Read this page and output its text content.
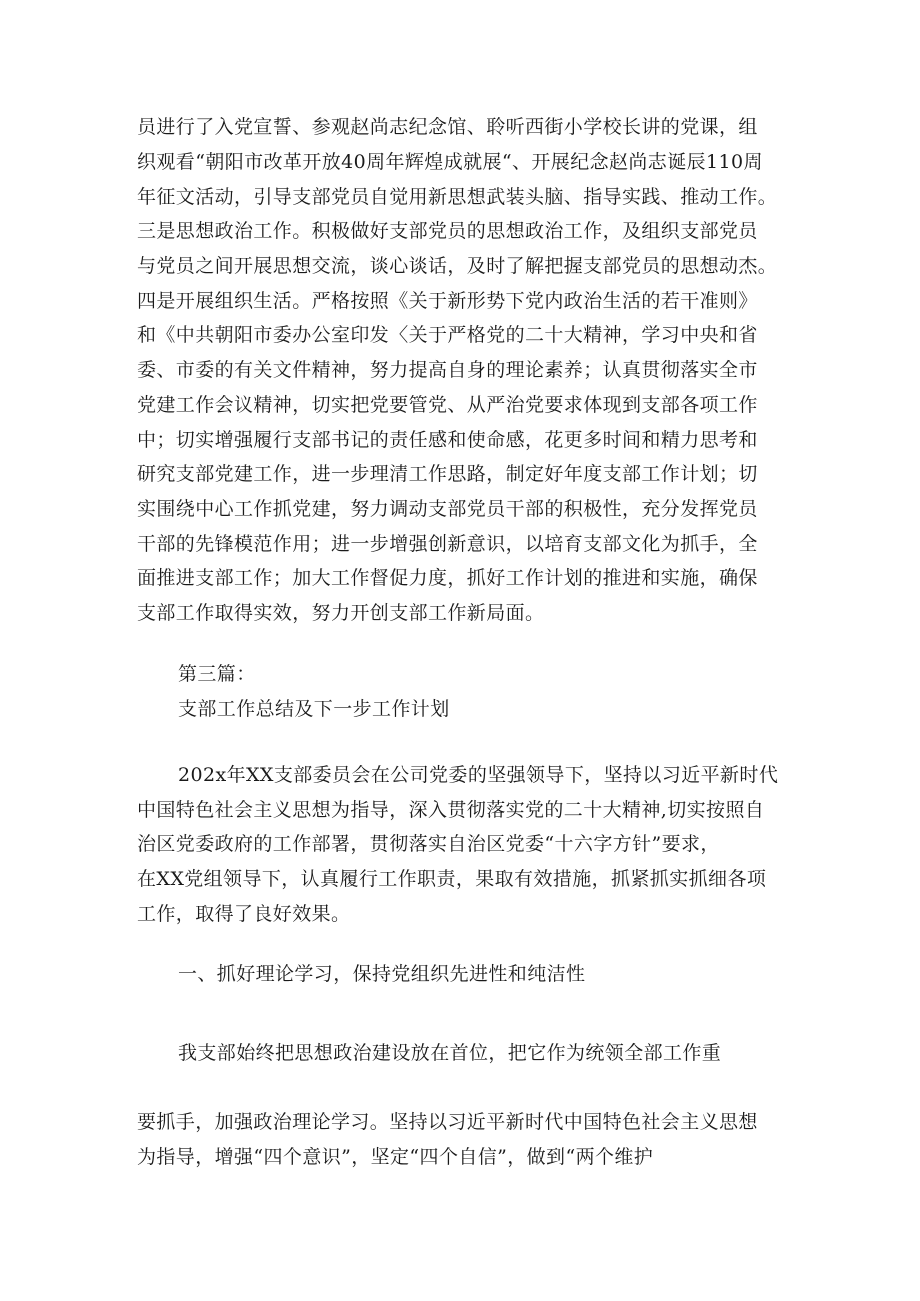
员进行了入党宣誓、参观赵尚志纪念馆、聆听西街小学校长讲的党课，组
织观看“朝阳市改革开放40周年辉煌成就展“、开展纪念赵尚志诞辰110周
年征文活动，引导支部党员自觉用新思想武装头脑、指导实践、推动工作。
三是思想政治工作。积极做好支部党员的思想政治工作，及组织支部党员
与党员之间开展思想交流，谈心谈话，及时了解把握支部党员的思想动杰。
四是开展组织生活。严格按照《关于新形势下党内政治生活的若干准则》
和《中共朝阳市委办公室印发〈关于严格党的二十大精神，学习中央和省
委、市委的有关文件精神，努力提高自身的理论素养；认真贯彻落实全市
党建工作会议精神，切实把党要管党、从严治党要求体现到支部各项工作
中；切实增强履行支部书记的责任感和使命感，花更多时间和精力思考和
研究支部党建工作，进一步理清工作思路，制定好年度支部工作计划；切
实围绕中心工作抓党建，努力调动支部党员干部的积极性，充分发挥党员
干部的先锋模范作用；进一步增强创新意识，以培育支部文化为抓手，全
面推进支部工作；加大工作督促力度，抓好工作计划的推进和实施，确保
支部工作取得实效，努力开创支部工作新局面。
第三篇：
支部工作总结及下一步工作计划
202x年XX支部委员会在公司党委的坚强领导下，坚持以习近平新时代
中国特色社会主义思想为指导，深入贯彻落实党的二十大精神,切实按照自
治区党委政府的工作部署，贯彻落实自治区党委“十六字方针”要求，
在XX党组领导下，认真履行工作职责，果取有效措施，抓紧抓实抓细各项
工作，取得了良好效果。
一、抓好理论学习，保持党组织先进性和纯洁性
我支部始终把思想政治建设放在首位，把它作为统领全部工作重
要抓手，加强政治理论学习。坚持以习近平新时代中国特色社会主义思想
为指导，增强“四个意识”，坚定“四个自信”，做到“两个维护
